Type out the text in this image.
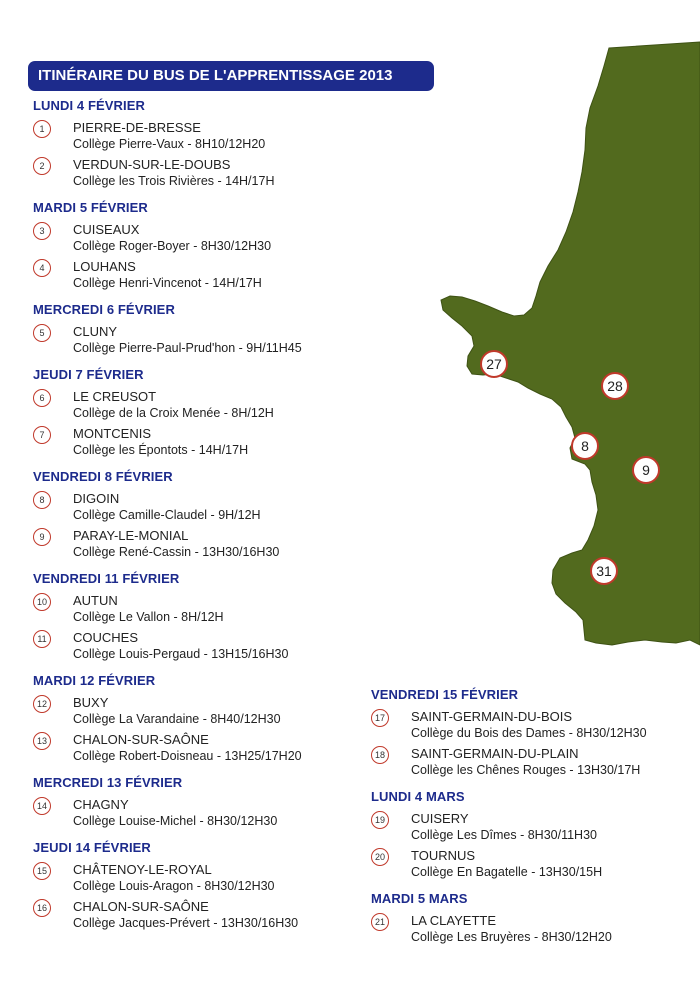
27
28
8
9
31
ITINÉRAIRE DU BUS DE L'APPRENTISSAGE 2013
LUNDI 4 FÉVRIER
1	PIERRE-DE-BRESSE
Collège Pierre-Vaux - 8H10/12H20
2	VERDUN-SUR-LE-DOUBS
Collège les Trois Rivières - 14H/17H
MARDI 5 FÉVRIER
3	CUISEAUX
Collège Roger-Boyer - 8H30/12H30
4	LOUHANS
Collège Henri-Vincenot - 14H/17H
MERCREDI 6 FÉVRIER
5	CLUNY
Collège Pierre-Paul-Prud'hon - 9H/11H45
JEUDI 7 FÉVRIER
6	LE CREUSOT
Collège de la Croix Menée - 8H/12H
7	MONTCENIS
Collège les Épontots - 14H/17H
VENDREDI 8 FÉVRIER
8	DIGOIN
Collège Camille-Claudel - 9H/12H
9	PARAY-LE-MONIAL
Collège René-Cassin - 13H30/16H30
VENDREDI 11 FÉVRIER
10	AUTUN
Collège Le Vallon - 8H/12H
11	COUCHES
Collège Louis-Pergaud - 13H15/16H30
MARDI 12 FÉVRIER
12	BUXY
Collège La Varandaine - 8H40/12H30
13	CHALON-SUR-SAÔNE
Collège Robert-Doisneau - 13H25/17H20
MERCREDI 13 FÉVRIER
14	CHAGNY
Collège Louise-Michel - 8H30/12H30
JEUDI 14 FÉVRIER
15	CHÂTENOY-LE-ROYAL
Collège Louis-Aragon - 8H30/12H30
16	CHALON-SUR-SAÔNE
Collège Jacques-Prévert - 13H30/16H30
VENDREDI 15 FÉVRIER
17	SAINT-GERMAIN-DU-BOIS
Collège du Bois des Dames - 8H30/12H30
18	SAINT-GERMAIN-DU-PLAIN
Collège les Chênes Rouges - 13H30/17H
LUNDI 4 MARS
19	CUISERY
Collège Les Dîmes - 8H30/11H30
20	TOURNUS
Collège En Bagatelle - 13H30/15H
MARDI 5 MARS
21	LA CLAYETTE
Collège Les Bruyères - 8H30/12H20
